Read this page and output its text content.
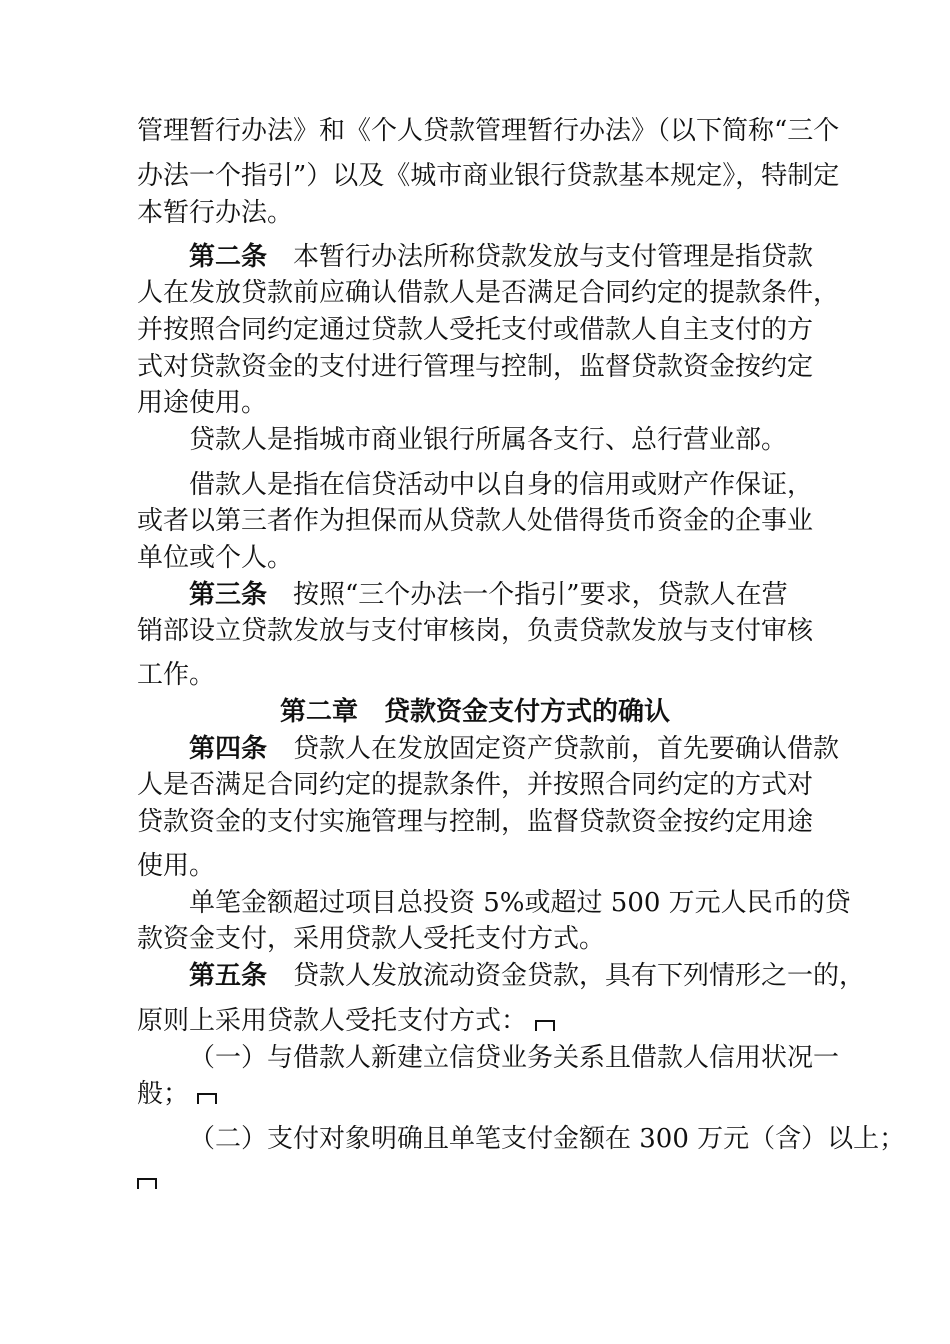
管理暂行办法》和《个人贷款管理暂行办法》（以下简称“三个
办法一个指引”）以及《城市商业银行贷款基本规定》，特制定
本暂行办法。
第二条 本暂行办法所称贷款发放与支付管理是指贷款
人在发放贷款前应确认借款人是否满足合同约定的提款条件，
并按照合同约定通过贷款人受托支付或借款人自主支付的方
式对贷款资金的支付进行管理与控制，监督贷款资金按约定
用途使用。
贷款人是指城市商业银行所属各支行、总行营业部。
借款人是指在信贷活动中以自身的信用或财产作保证，
或者以第三者作为担保而从贷款人处借得货币资金的企事业
单位或个人。
第三条 按照“三个办法一个指引”要求，贷款人在营
销部设立贷款发放与支付审核岗，负责贷款发放与支付审核
工作。
第二章　贷款资金支付方式的确认
第四条 贷款人在发放固定资产贷款前，首先要确认借款
人是否满足合同约定的提款条件，并按照合同约定的方式对
贷款资金的支付实施管理与控制，监督贷款资金按约定用途
使用。
单笔金额超过项目总投资 5%或超过 500 万元人民币的贷
款资金支付，采用贷款人受托支付方式。
第五条 贷款人发放流动资金贷款，具有下列情形之一的，
原则上采用贷款人受托支付方式：
（一）与借款人新建立信贷业务关系且借款人信用状况一
般；
（二）支付对象明确且单笔支付金额在 300 万元（含）以上；
